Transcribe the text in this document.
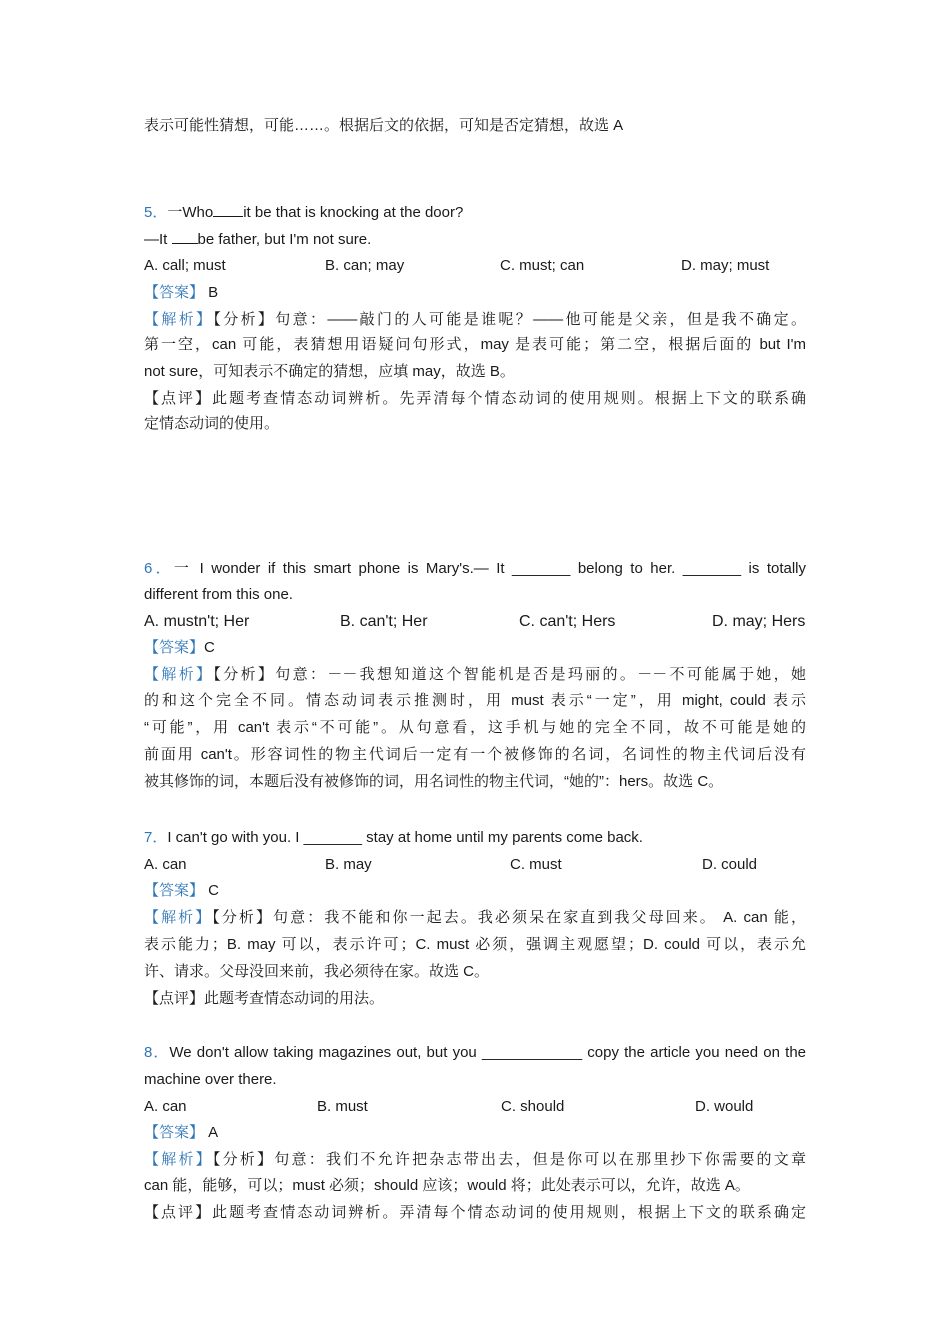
表示可能性猜想，可能……。根据后文的依据，可知是否定猜想，故选 A
5．一Who it be that is knocking at the door?
—It be father, but I'm not sure.
A. call; must	B. can; may	C. must; can	D. may; must
【答案】 B
【解析】【分析】句意：——敲门的人可能是谁呢？——他可能是父亲，但是我不确定。
第一空，can 可能，表猜想用语疑问句形式，may 是表可能；第二空，根据后面的 but I'm
not sure，可知表示不确定的猜想，应填 may，故选 B。
【点评】此题考查情态动词辨析。先弄清每个情态动词的使用规则。根据上下文的联系确
定情态动词的使用。
6．一 I wonder if this smart phone is Mary's.— It _______ belong to her. _______ is totally
different from this one.
A. mustn't; Her	B. can't; Her	C. can't; Hers	D. may; Hers
【答案】C
【解析】【分析】句意：－－我想知道这个智能机是否是玛丽的。－－不可能属于她，她
的和这个完全不同。情态动词表示推测时，用 must 表示“一定”，用 might, could 表示
“可能”，用 can't 表示“不可能”。从句意看，这手机与她的完全不同，故不可能是她的
前面用 can't。形容词性的物主代词后一定有一个被修饰的名词，名词性的物主代词后没有
被其修饰的词，本题后没有被修饰的词，用名词性的物主代词，“她的”：hers。故选 C。
7．I can't go with you. I _______ stay at home until my parents come back.
A. can	B. may	C. must	D. could
【答案】 C
【解析】【分析】句意：我不能和你一起去。我必须呆在家直到我父母回来。 A. can 能，
表示能力；B. may 可以，表示许可；C. must 必须，强调主观愿望；D. could 可以，表示允
许、请求。父母没回来前，我必须待在家。故选 C。
【点评】此题考查情态动词的用法。
8．We don't allow taking magazines out, but you ____________ copy the article you need on the
machine over there.
A. can	B. must	C. should	D. would
【答案】 A
【解析】【分析】句意：我们不允许把杂志带出去，但是你可以在那里抄下你需要的文章
can 能，能够，可以；must 必须；should 应该；would 将；此处表示可以，允许，故选 A。
【点评】此题考查情态动词辨析。弄清每个情态动词的使用规则，根据上下文的联系确定
